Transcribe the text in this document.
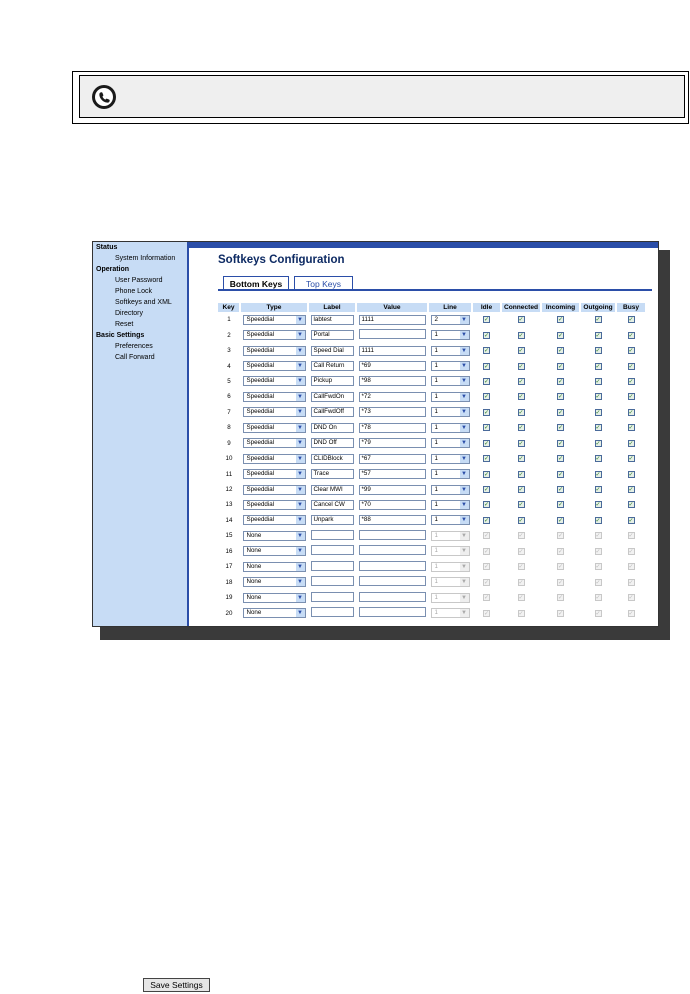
Status
System Information
Operation
User Password
Phone Lock
Softkeys and XML
Directory
Reset
Basic Settings
Preferences
Call Forward
Softkeys Configuration
Bottom Keys	Top Keys
Key	Type	Label	Value	Line	Idle	Connected	Incoming	Outgoing	Busy
1	Speeddial ▼	labtest	1111	2 ▼	✓	✓	✓	✓	✓
2	Speeddial ▼	Portal		1 ▼	✓	✓	✓	✓	✓
3	Speeddial ▼	Speed Dial	1111	1 ▼	✓	✓	✓	✓	✓
4	Speeddial ▼	Call Return	*69	1 ▼	✓	✓	✓	✓	✓
5	Speeddial ▼	Pickup	*98	1 ▼	✓	✓	✓	✓	✓
6	Speeddial ▼	CallFwdOn	*72	1 ▼	✓	✓	✓	✓	✓
7	Speeddial ▼	CallFwdOff	*73	1 ▼	✓	✓	✓	✓	✓
8	Speeddial ▼	DND On	*78	1 ▼	✓	✓	✓	✓	✓
9	Speeddial ▼	DND Off	*79	1 ▼	✓	✓	✓	✓	✓
10	Speeddial ▼	CLIDBlock	*67	1 ▼	✓	✓	✓	✓	✓
11	Speeddial ▼	Trace	*57	1 ▼	✓	✓	✓	✓	✓
12	Speeddial ▼	Clear MWI	*99	1 ▼	✓	✓	✓	✓	✓
13	Speeddial ▼	Cancel CW	*70	1 ▼	✓	✓	✓	✓	✓
14	Speeddial ▼	Unpark	*88	1 ▼	✓	✓	✓	✓	✓
15	None ▼			1 ▼	✓	✓	✓	✓	✓
16	None ▼			1 ▼	✓	✓	✓	✓	✓
17	None ▼			1 ▼	✓	✓	✓	✓	✓
18	None ▼			1 ▼	✓	✓	✓	✓	✓
19	None ▼			1 ▼	✓	✓	✓	✓	✓
20	None ▼			1 ▼	✓	✓	✓	✓	✓
Save Settings
